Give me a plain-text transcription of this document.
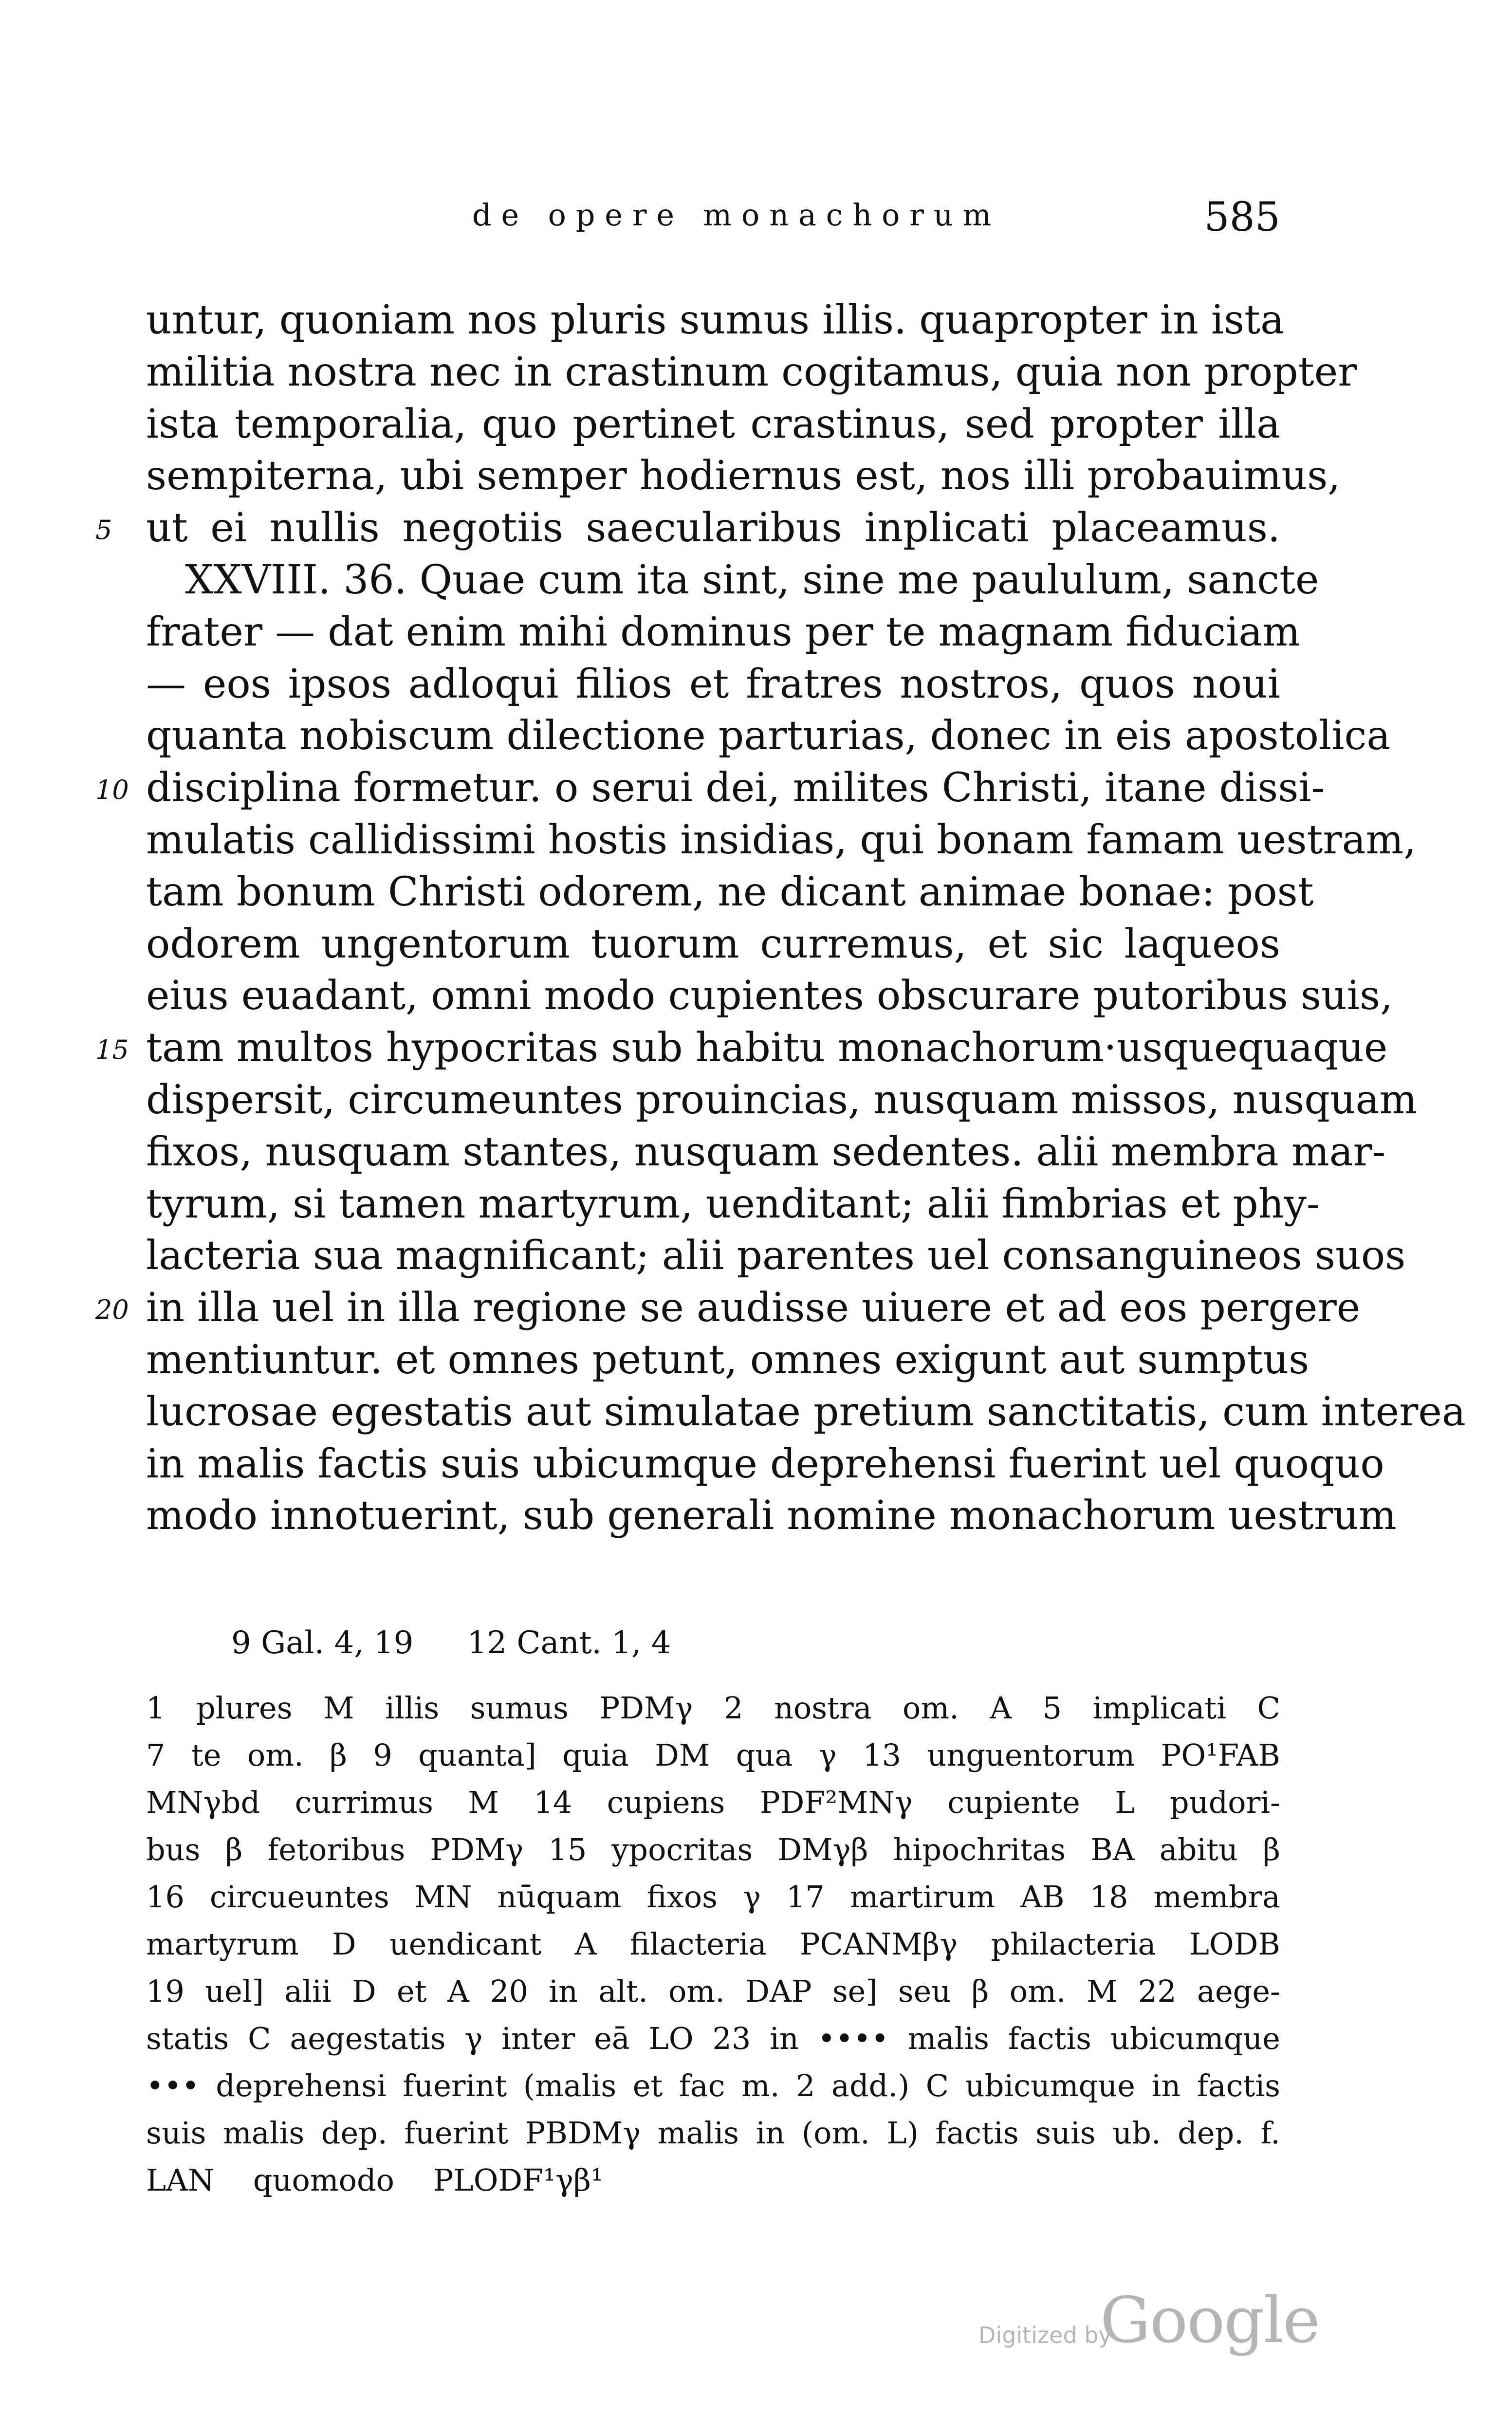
de opere monachorum	585
untur, quoniam nos pluris sumus illis. quapropter in ista
militia nostra nec in crastinum cogitamus, quia non propter
ista temporalia, quo pertinet crastinus, sed propter illa
sempiterna, ubi semper hodiernus est, nos illi probauimus,
5 ut ei nullis negotiis saecularibus inplicati placeamus.
XXVIII. 36. Quae cum ita sint, sine me paululum, sancte
frater — dat enim mihi dominus per te magnam fiduciam
— eos ipsos adloqui filios et fratres nostros, quos noui
quanta nobiscum dilectione parturias, donec in eis apostolica
10 disciplina formetur. o serui dei, milites Christi, itane dissi-
mulatis callidissimi hostis insidias, qui bonam famam uestram,
tam bonum Christi odorem, ne dicant animae bonae: post
odorem ungentorum tuorum curremus, et sic laqueos
eius euadant, omni modo cupientes obscurare putoribus suis,
15 tam multos hypocritas sub habitu monachorum·usquequaque
dispersit, circumeuntes prouincias, nusquam missos, nusquam
fixos, nusquam stantes, nusquam sedentes. alii membra mar-
tyrum, si tamen martyrum, uenditant; alii fimbrias et phy-
lacteria sua magnificant; alii parentes uel consanguineos suos
20 in illa uel in illa regione se audisse uiuere et ad eos pergere
mentiuntur. et omnes petunt, omnes exigunt aut sumptus
lucrosae egestatis aut simulatae pretium sanctitatis, cum interea
in malis factis suis ubicumque deprehensi fuerint uel quoquo
modo innotuerint, sub generali nomine monachorum uestrum
9 Gal. 4, 19 12 Cant. 1, 4
1 plures M illis sumus PDMγ 2 nostra om. A 5 implicati C
7 te om. β 9 quanta] quia DM qua γ 13 unguentorum PO¹FAB
MNγbd currimus M 14 cupiens PDF²MNγ cupiente L pudori-
bus β fetoribus PDMγ 15 ypocritas DMγβ hipochritas BA abitu β
16 circueuntes MN nūquam fixos γ 17 martirum AB 18 membra
martyrum D uendicant A filacteria PCANMβγ philacteria LODB
19 uel] alii D et A 20 in alt. om. DAP se] seu β om. M 22 aege-
statis C aegestatis γ inter eā LO 23 in •••• malis factis ubicumque
••• deprehensi fuerint (malis et fac m. 2 add.) C ubicumque in factis
suis malis dep. fuerint PBDMγ malis in (om. L) factis suis ub. dep. f.
LAN quomodo PLODF¹γβ¹
Digitized by
Google
